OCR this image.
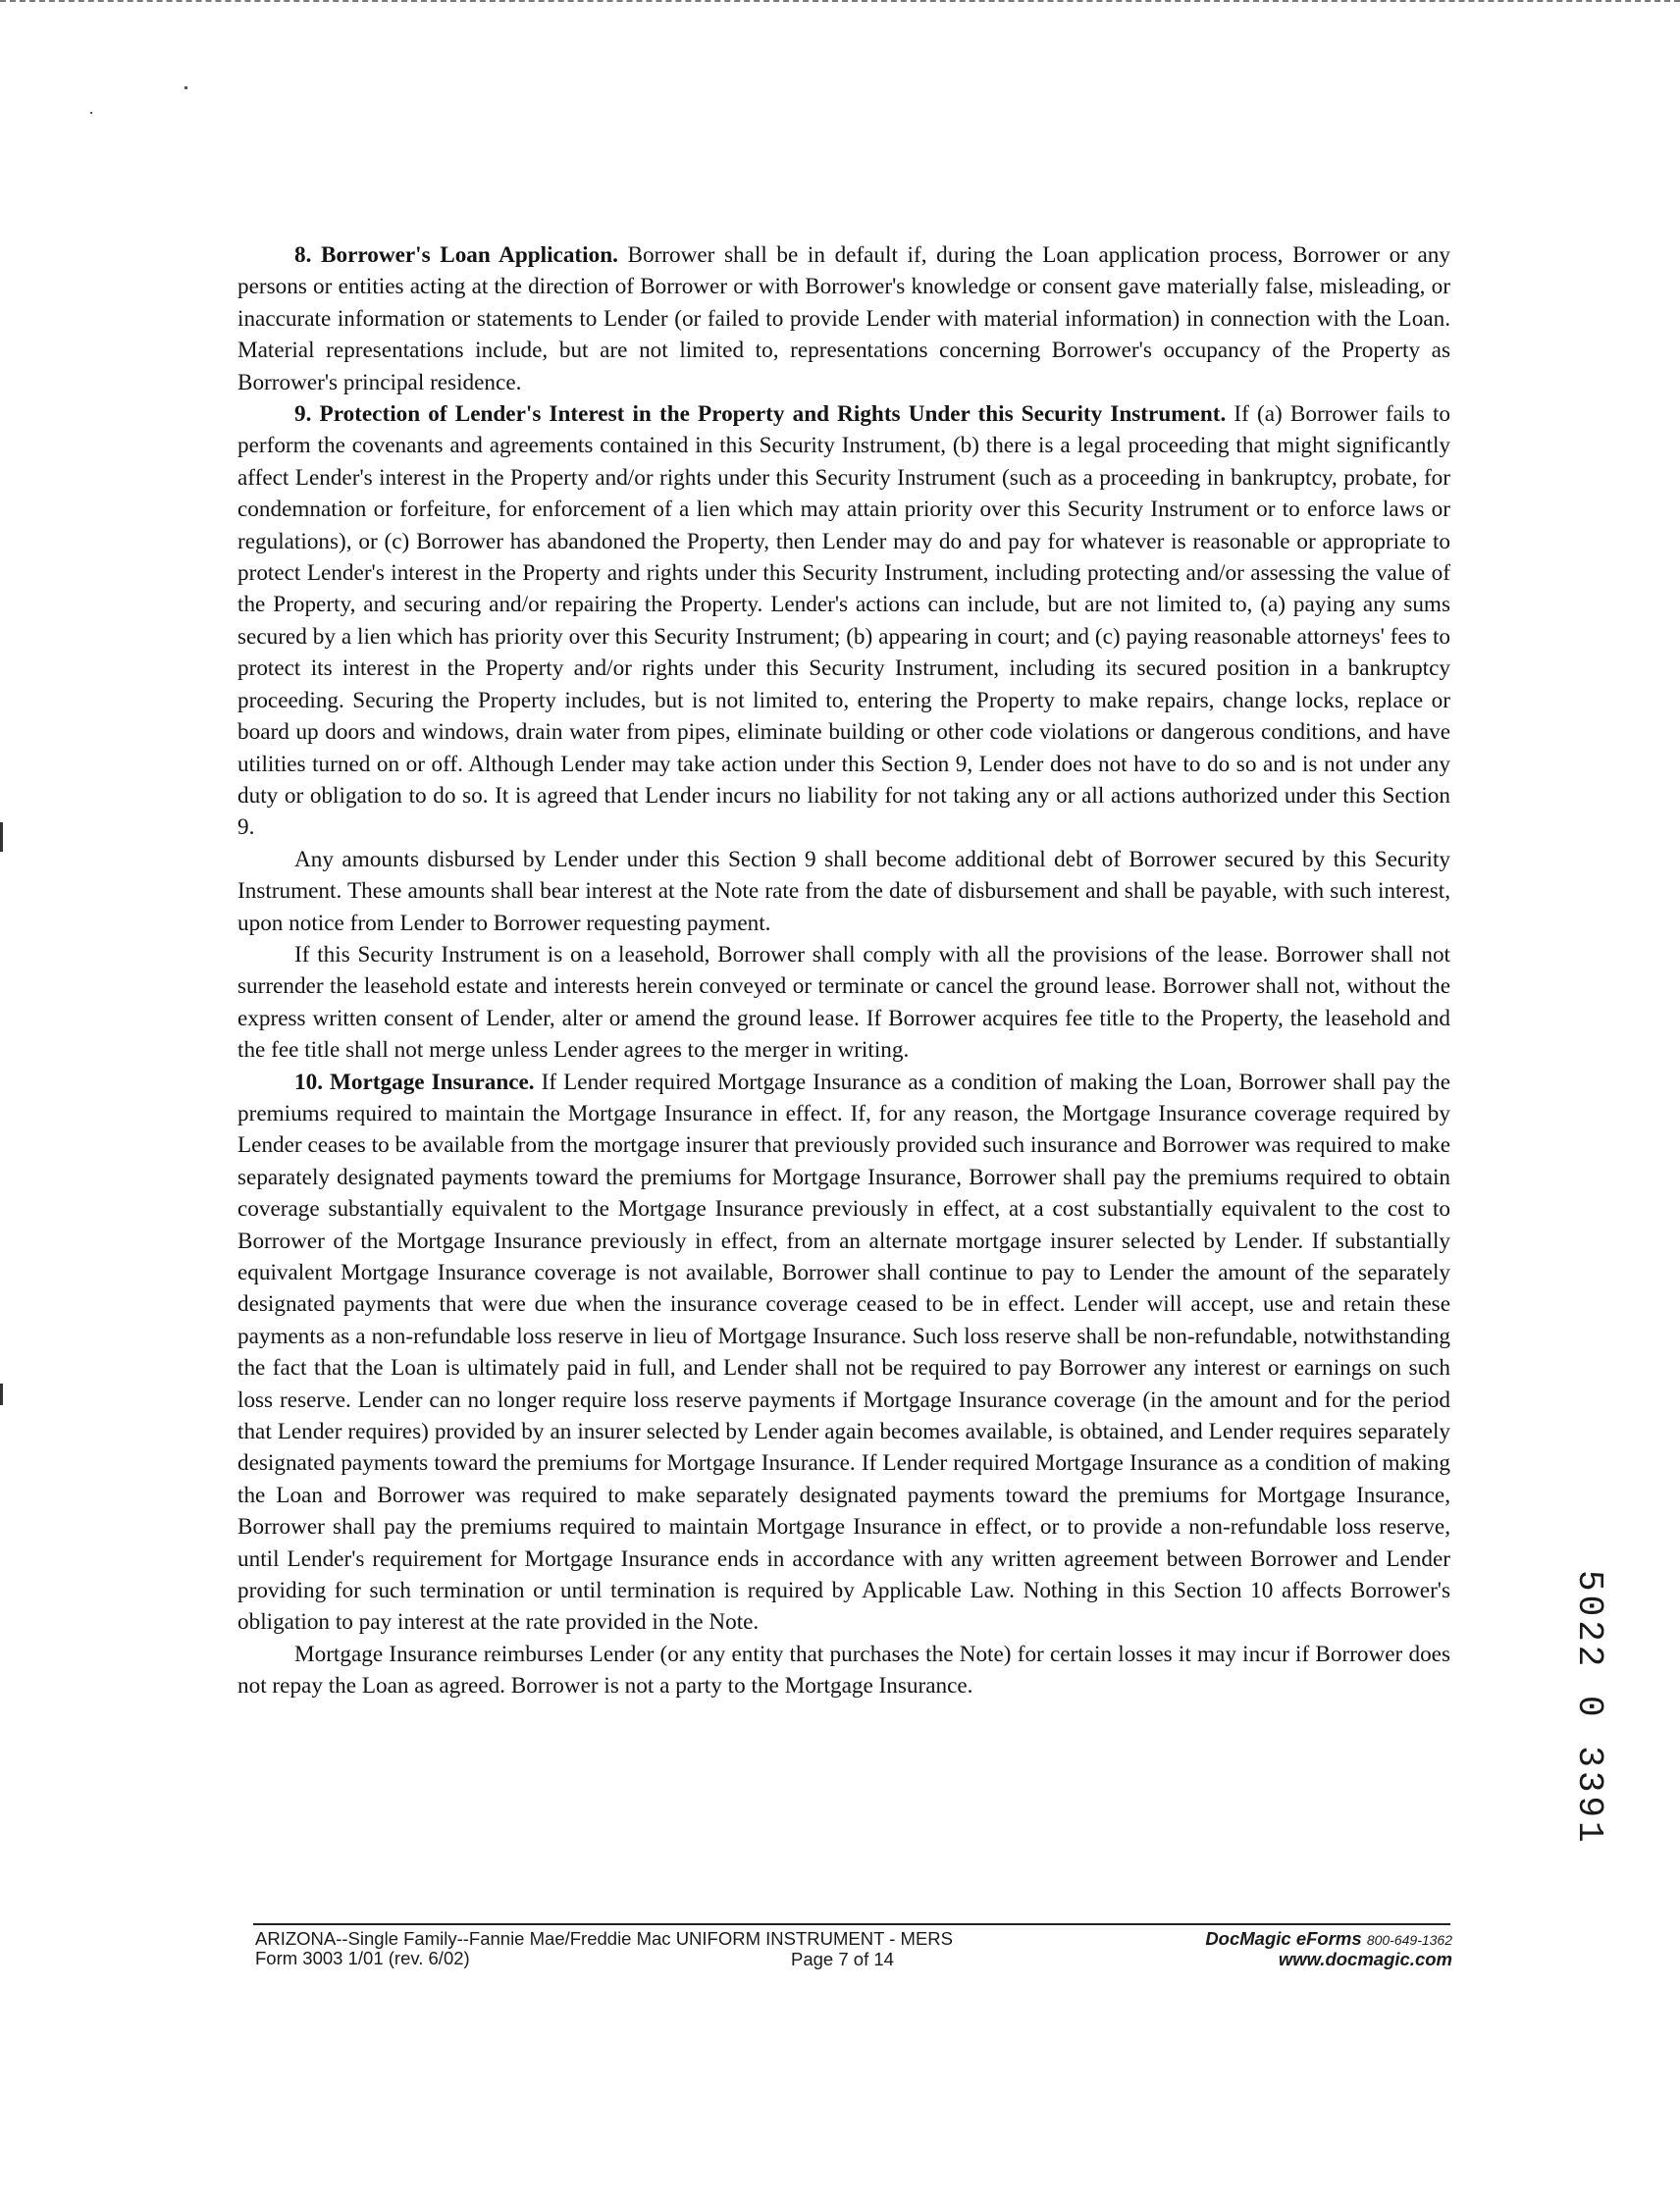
8. Borrower's Loan Application. Borrower shall be in default if, during the Loan application process, Borrower or any persons or entities acting at the direction of Borrower or with Borrower's knowledge or consent gave materially false, misleading, or inaccurate information or statements to Lender (or failed to provide Lender with material information) in connection with the Loan. Material representations include, but are not limited to, representations concerning Borrower's occupancy of the Property as Borrower's principal residence.

9. Protection of Lender's Interest in the Property and Rights Under this Security Instrument. If (a) Borrower fails to perform the covenants and agreements contained in this Security Instrument, (b) there is a legal proceeding that might significantly affect Lender's interest in the Property and/or rights under this Security Instrument (such as a proceeding in bankruptcy, probate, for condemnation or forfeiture, for enforcement of a lien which may attain priority over this Security Instrument or to enforce laws or regulations), or (c) Borrower has abandoned the Property, then Lender may do and pay for whatever is reasonable or appropriate to protect Lender's interest in the Property and rights under this Security Instrument, including protecting and/or assessing the value of the Property, and securing and/or repairing the Property. Lender's actions can include, but are not limited to, (a) paying any sums secured by a lien which has priority over this Security Instrument; (b) appearing in court; and (c) paying reasonable attorneys' fees to protect its interest in the Property and/or rights under this Security Instrument, including its secured position in a bankruptcy proceeding. Securing the Property includes, but is not limited to, entering the Property to make repairs, change locks, replace or board up doors and windows, drain water from pipes, eliminate building or other code violations or dangerous conditions, and have utilities turned on or off. Although Lender may take action under this Section 9, Lender does not have to do so and is not under any duty or obligation to do so. It is agreed that Lender incurs no liability for not taking any or all actions authorized under this Section 9.

Any amounts disbursed by Lender under this Section 9 shall become additional debt of Borrower secured by this Security Instrument. These amounts shall bear interest at the Note rate from the date of disbursement and shall be payable, with such interest, upon notice from Lender to Borrower requesting payment.

If this Security Instrument is on a leasehold, Borrower shall comply with all the provisions of the lease. Borrower shall not surrender the leasehold estate and interests herein conveyed or terminate or cancel the ground lease. Borrower shall not, without the express written consent of Lender, alter or amend the ground lease. If Borrower acquires fee title to the Property, the leasehold and the fee title shall not merge unless Lender agrees to the merger in writing.

10. Mortgage Insurance. If Lender required Mortgage Insurance as a condition of making the Loan, Borrower shall pay the premiums required to maintain the Mortgage Insurance in effect. If, for any reason, the Mortgage Insurance coverage required by Lender ceases to be available from the mortgage insurer that previously provided such insurance and Borrower was required to make separately designated payments toward the premiums for Mortgage Insurance, Borrower shall pay the premiums required to obtain coverage substantially equivalent to the Mortgage Insurance previously in effect, at a cost substantially equivalent to the cost to Borrower of the Mortgage Insurance previously in effect, from an alternate mortgage insurer selected by Lender. If substantially equivalent Mortgage Insurance coverage is not available, Borrower shall continue to pay to Lender the amount of the separately designated payments that were due when the insurance coverage ceased to be in effect. Lender will accept, use and retain these payments as a non-refundable loss reserve in lieu of Mortgage Insurance. Such loss reserve shall be non-refundable, notwithstanding the fact that the Loan is ultimately paid in full, and Lender shall not be required to pay Borrower any interest or earnings on such loss reserve. Lender can no longer require loss reserve payments if Mortgage Insurance coverage (in the amount and for the period that Lender requires) provided by an insurer selected by Lender again becomes available, is obtained, and Lender requires separately designated payments toward the premiums for Mortgage Insurance. If Lender required Mortgage Insurance as a condition of making the Loan and Borrower was required to make separately designated payments toward the premiums for Mortgage Insurance, Borrower shall pay the premiums required to maintain Mortgage Insurance in effect, or to provide a non-refundable loss reserve, until Lender's requirement for Mortgage Insurance ends in accordance with any written agreement between Borrower and Lender providing for such termination or until termination is required by Applicable Law. Nothing in this Section 10 affects Borrower's obligation to pay interest at the rate provided in the Note.

Mortgage Insurance reimburses Lender (or any entity that purchases the Note) for certain losses it may incur if Borrower does not repay the Loan as agreed. Borrower is not a party to the Mortgage Insurance.

ARIZONA--Single Family--Fannie Mae/Freddie Mac UNIFORM INSTRUMENT - MERS
Form 3003 1/01 (rev. 6/02)	Page 7 of 14
DocMagic eForms 800-649-1362
www.docmagic.com
5022 0 3391
